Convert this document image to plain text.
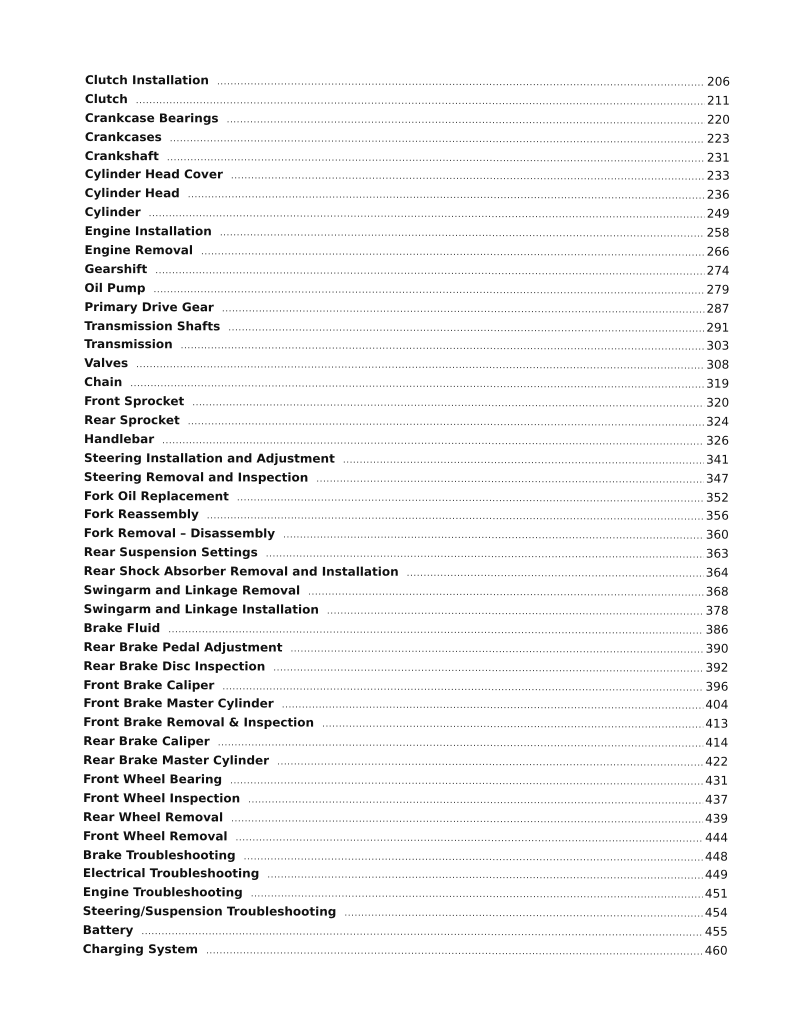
Clutch Installation .....	206
Clutch .....	211
Crankcase Bearings .....	220
Crankcases .....	223
Crankshaft .....	231
Cylinder Head Cover .....	233
Cylinder Head .....	236
Cylinder .....	249
Engine Installation .....	258
Engine Removal .....	266
Gearshift .....	274
Oil Pump .....	279
Primary Drive Gear .....	287
Transmission Shafts .....	291
Transmission .....	303
Valves .....	308
Chain .....	319
Front Sprocket .....	320
Rear Sprocket .....	324
Handlebar .....	326
Steering Installation and Adjustment .....	341
Steering Removal and Inspection .....	347
Fork Oil Replacement .....	352
Fork Reassembly .....	356
Fork Removal – Disassembly .....	360
Rear Suspension Settings .....	363
Rear Shock Absorber Removal and Installation .....	364
Swingarm and Linkage Removal .....	368
Swingarm and Linkage Installation .....	378
Brake Fluid .....	386
Rear Brake Pedal Adjustment .....	390
Rear Brake Disc Inspection .....	392
Front Brake Caliper .....	396
Front Brake Master Cylinder .....	404
Front Brake Removal & Inspection .....	413
Rear Brake Caliper .....	414
Rear Brake Master Cylinder .....	422
Front Wheel Bearing .....	431
Front Wheel Inspection .....	437
Rear Wheel Removal .....	439
Front Wheel Removal .....	444
Brake Troubleshooting .....	448
Electrical Troubleshooting .....	449
Engine Troubleshooting .....	451
Steering/Suspension Troubleshooting .....	454
Battery .....	455
Charging System .....	460
